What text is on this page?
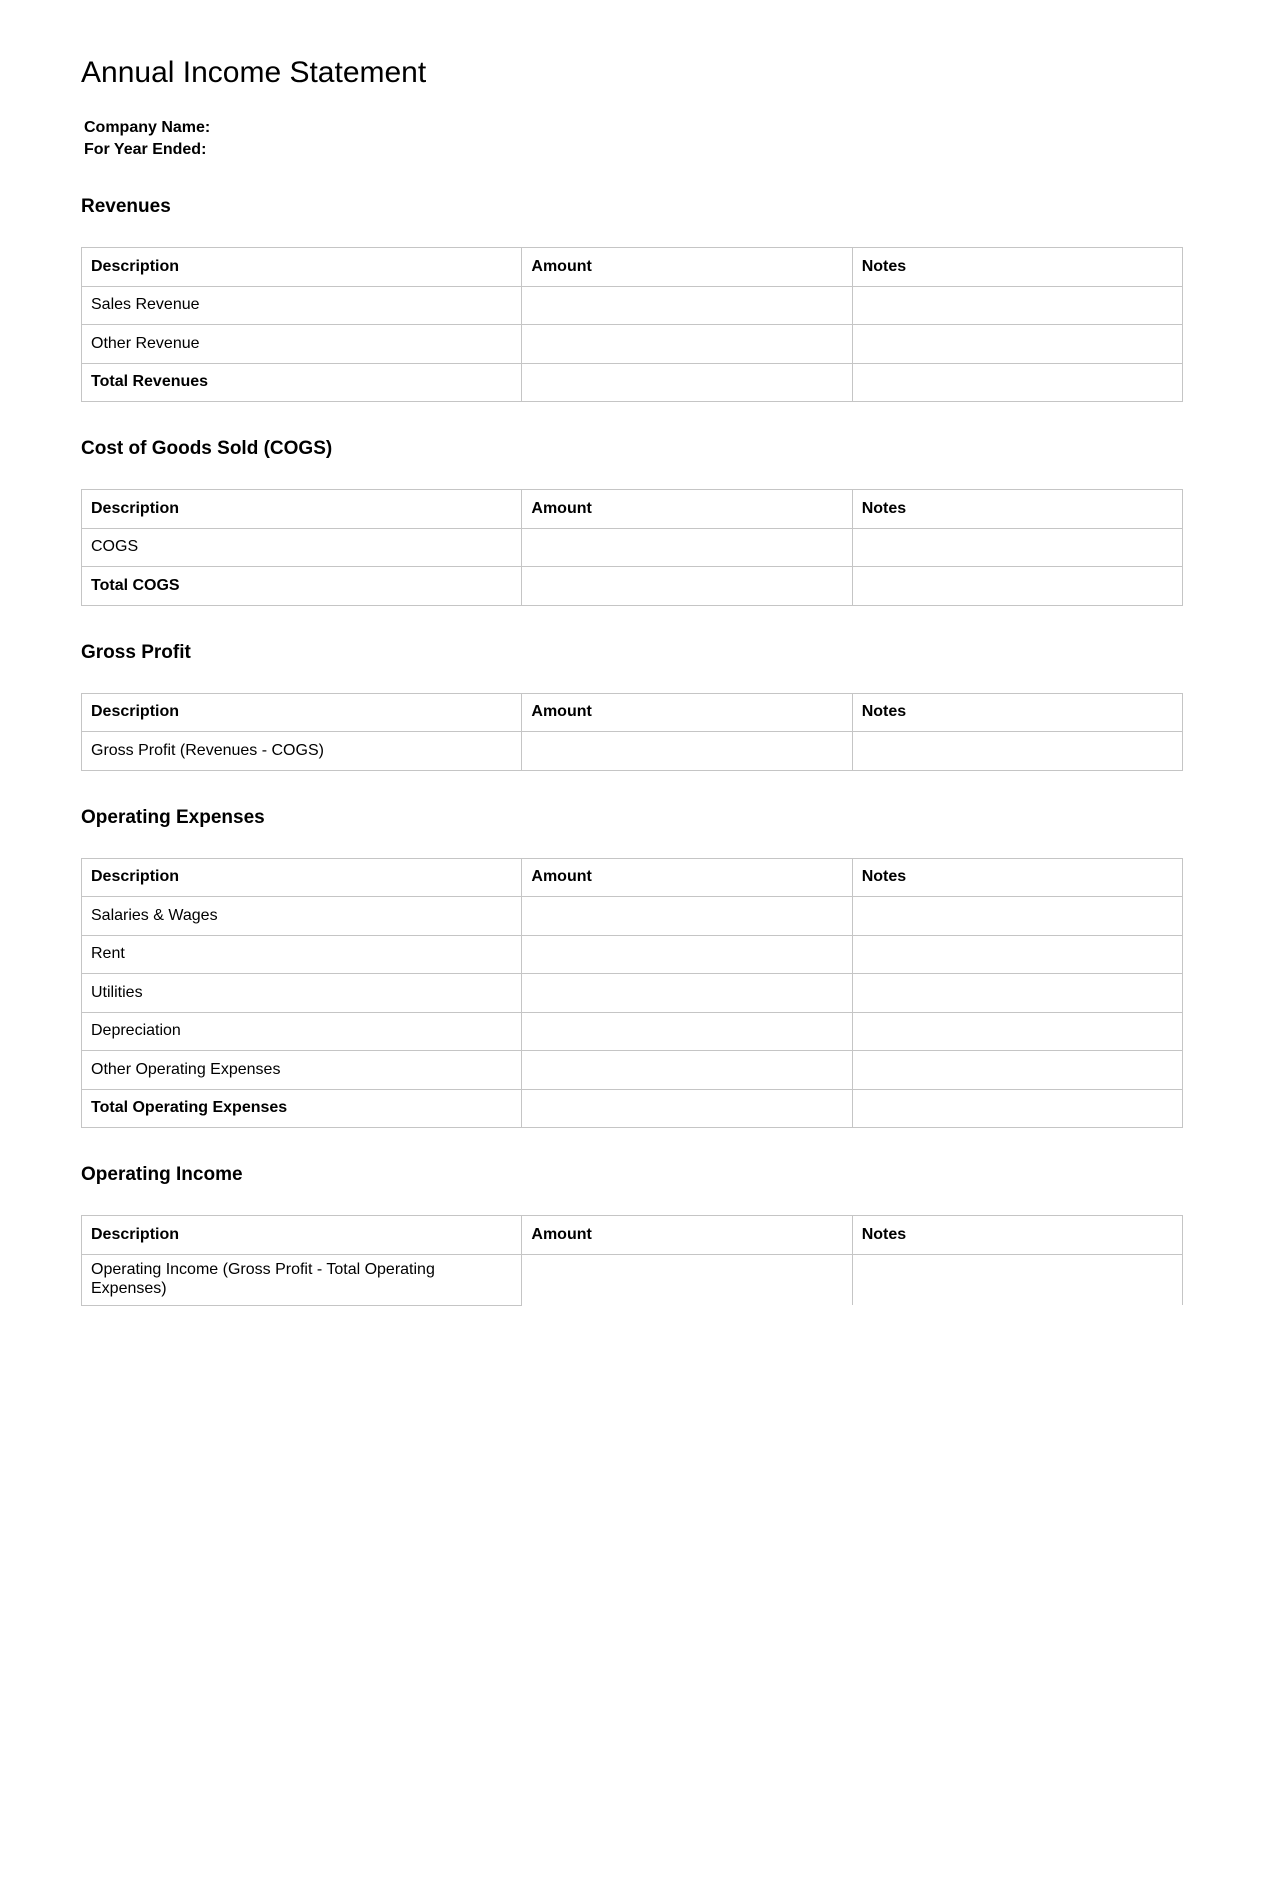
Annual Income Statement
Company Name:
For Year Ended:
Revenues
Description	Amount	Notes
Sales Revenue		
Other Revenue		
Total Revenues		
Cost of Goods Sold (COGS)
Description	Amount	Notes
COGS		
Total COGS		
Gross Profit
Description	Amount	Notes
Gross Profit (Revenues - COGS)		
Operating Expenses
Description	Amount	Notes
Salaries & Wages		
Rent		
Utilities		
Depreciation		
Other Operating Expenses		
Total Operating Expenses		
Operating Income
Description	Amount	Notes
Operating Income (Gross Profit - Total Operating Expenses)		
